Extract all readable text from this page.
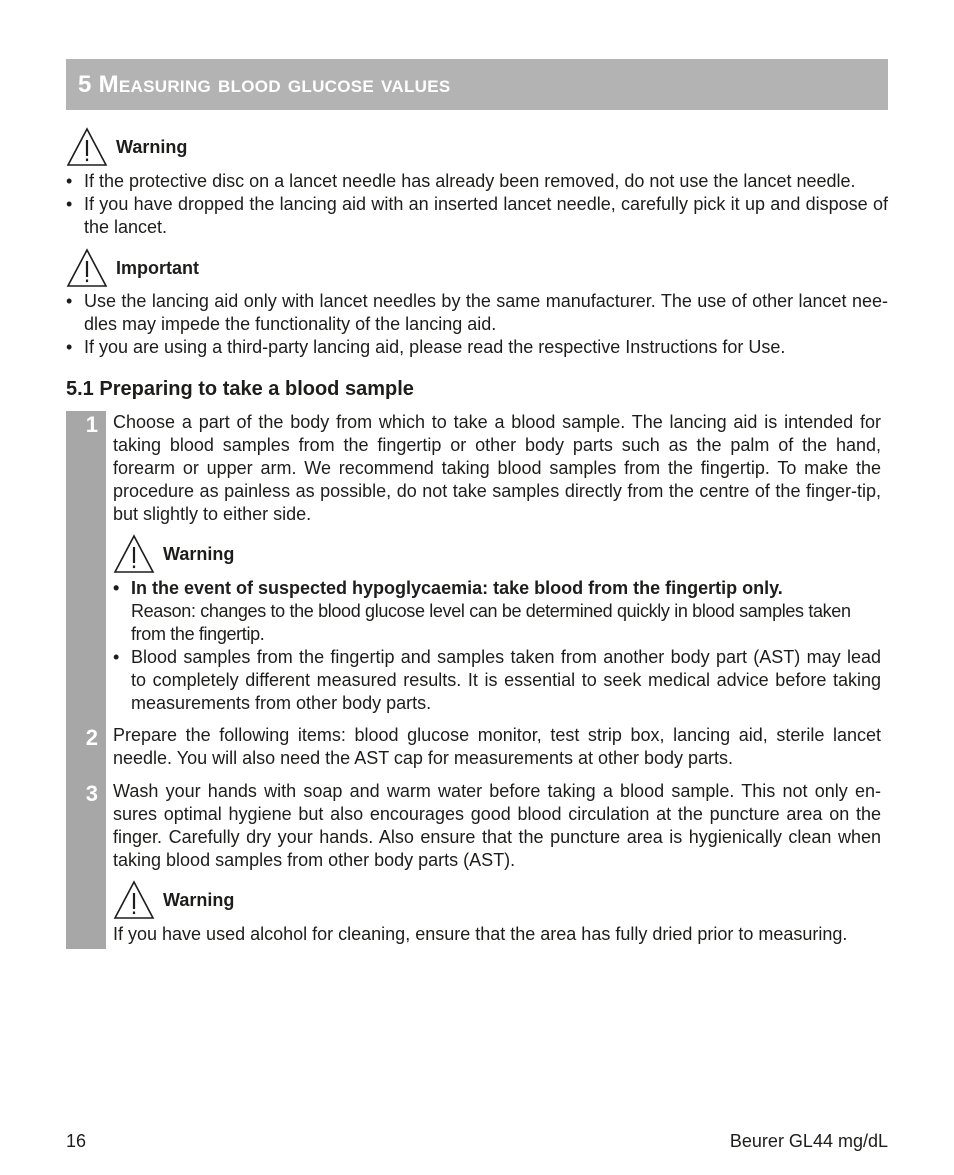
5 Measuring blood glucose values
Warning
• If the protective disc on a lancet needle has already been removed, do not use the lancet needle.
• If you have dropped the lancing aid with an inserted lancet needle, carefully pick it up and dispose of the lancet.
Important
• Use the lancing aid only with lancet needles by the same manufacturer. The use of other lancet nee-dles may impede the functionality of the lancing aid.
• If you are using a third-party lancing aid, please read the respective Instructions for Use.
5.1 Preparing to take a blood sample
1 Choose a part of the body from which to take a blood sample. The lancing aid is intended for taking blood samples from the fingertip or other body parts such as the palm of the hand, forearm or upper arm. We recommend taking blood samples from the fingertip. To make the procedure as painless as possible, do not take samples directly from the centre of the finger-tip, but slightly to either side.
Warning
• In the event of suspected hypoglycaemia: take blood from the fingertip only.
Reason: changes to the blood glucose level can be determined quickly in blood samples taken from the fingertip.
• Blood samples from the fingertip and samples taken from another body part (AST) may lead to completely different measured results. It is essential to seek medical advice before taking measurements from other body parts.
2 Prepare the following items: blood glucose monitor, test strip box, lancing aid, sterile lancet needle. You will also need the AST cap for measurements at other body parts.
3 Wash your hands with soap and warm water before taking a blood sample. This not only en-sures optimal hygiene but also encourages good blood circulation at the puncture area on the finger. Carefully dry your hands. Also ensure that the puncture area is hygienically clean when taking blood samples from other body parts (AST).
Warning
If you have used alcohol for cleaning, ensure that the area has fully dried prior to measuring.
16	Beurer GL44 mg/dL
